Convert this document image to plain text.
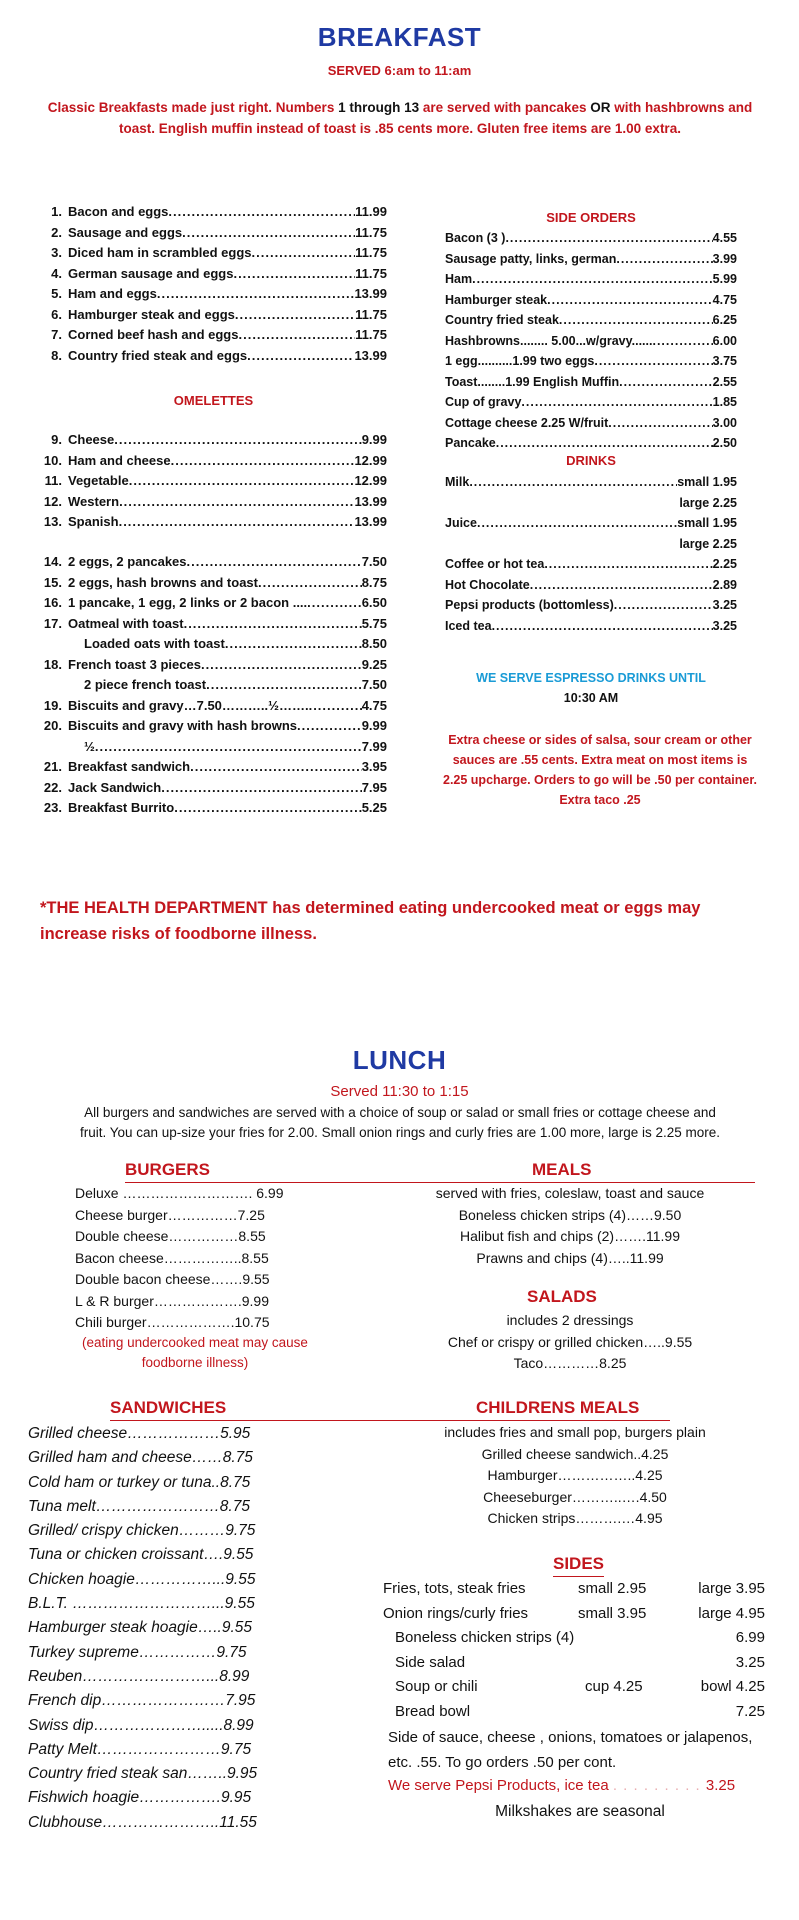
BREAKFAST
SERVED 6:am to 11:am
Classic Breakfasts made just right. Numbers 1 through 13 are served with pancakes OR with hashbrowns and toast. English muffin instead of toast is .85 cents more. Gluten free items are 1.00 extra.
1. Bacon and eggs .....	11.99
2. Sausage and eggs .....	11.75
3. Diced ham in scrambled eggs .....	11.75
4. German sausage and eggs .....	11.75
5. Ham and eggs .....	13.99
6. Hamburger steak and eggs .....	11.75
7. Corned beef hash and eggs .....	11.75
8. Country fried steak and eggs .....	13.99
OMELETTES
9. Cheese .....	9.99
10. Ham and cheese .....	12.99
11. Vegetable .....	12.99
12. Western .....	13.99
13. Spanish .....	13.99
14. 2 eggs, 2 pancakes .....	7.50
15. 2 eggs, hash browns and toast .....	8.75
16. 1 pancake, 1 egg, 2 links or 2 bacon .... .....	6.50
17. Oatmeal with toast .....	5.75
Loaded oats with toast .....	8.50
18. French toast 3 pieces .....	9.25
2 piece french toast .....	7.50
19. Biscuits and gravy…7.50………..½……. .....	4.75
20. Biscuits and gravy with hash browns .....	9.99
½ .....	7.99
21. Breakfast sandwich .....	3.95
22. Jack Sandwich .....	7.95
23. Breakfast Burrito .....	5.25
SIDE ORDERS
Bacon (3 ) .....	4.55
Sausage patty, links, german .....	3.99
Ham .....	5.99
Hamburger steak .....	4.75
Country fried steak .....	6.25
Hashbrowns........ 5.00...w/gravy...... .....	6.00
1 egg..........1.99 two eggs .....	3.75
Toast........1.99 English Muffin .....	2.55
Cup of gravy .....	1.85
Cottage cheese 2.25 W/fruit .....	3.00
Pancake .....	2.50
DRINKS
Milk .....	small 1.95
large 2.25
Juice .....	small 1.95
large 2.25
Coffee or hot tea .....	2.25
Hot Chocolate .....	2.89
Pepsi products (bottomless) .....	3.25
Iced tea .....	3.25
WE SERVE ESPRESSO DRINKS UNTIL
10:30 AM
Extra cheese or sides of salsa, sour cream or other sauces are .55 cents. Extra meat on most items is 2.25 upcharge. Orders to go will be .50 per container. Extra taco .25
*THE HEALTH DEPARTMENT has determined eating undercooked meat or eggs may increase risks of foodborne illness.
LUNCH
Served 11:30 to 1:15
All burgers and sandwiches are served with a choice of soup or salad or small fries or cottage cheese and fruit. You can up-size your fries for 2.00. Small onion rings and curly fries are 1.00 more, large is 2.25 more.
BURGERS	MEALS
Deluxe ………………………. 6.99
Cheese burger……………7.25
Double cheese……………8.55
Bacon cheese……………..8.55
Double bacon cheese…….9.55
L & R burger……………….9.99
Chili burger……………….10.75
(eating undercooked meat may cause foodborne illness)
served with fries, coleslaw, toast and sauce
Boneless chicken strips (4)……9.50
Halibut fish and chips (2)…….11.99
Prawns and chips (4)…..11.99
SALADS
includes 2 dressings
Chef or crispy or grilled chicken…..9.55
Taco…………8.25
SANDWICHES	CHILDRENS MEALS
Grilled cheese………………5.95
Grilled ham and cheese……8.75
Cold ham or turkey or tuna..8.75
Tuna melt……………………8.75
Grilled/ crispy chicken………9.75
Tuna or chicken croissant….9.55
Chicken hoagie……………...9.55
B.L.T. ………………………...9.55
Hamburger steak hoagie…..9.55
Turkey supreme……………9.75
Reuben……………………...8.99
French dip……………………7.95
Swiss dip………………….....8.99
Patty Melt……………………9.75
Country fried steak san……..9.95
Fishwich hoagie…………….9.95
Clubhouse…………………..11.55
includes fries and small pop, burgers plain
Grilled cheese sandwich..4.25
Hamburger……………..4.25
Cheeseburger………..….4.50
Chicken strips……….…4.95
SIDES
Fries, tots, steak fries	small 2.95	large 3.95
Onion rings/curly fries	small 3.95	large 4.95
Boneless chicken strips (4)	6.99
Side salad	3.25
Soup or chili	cup 4.25	bowl 4.25
Bread bowl	7.25
Side of sauce, cheese , onions, tomatoes or jalapenos, etc. .55. To go orders .50 per cont.
We serve Pepsi Products, ice tea . . . . . . . . . 3.25
Milkshakes are seasonal
